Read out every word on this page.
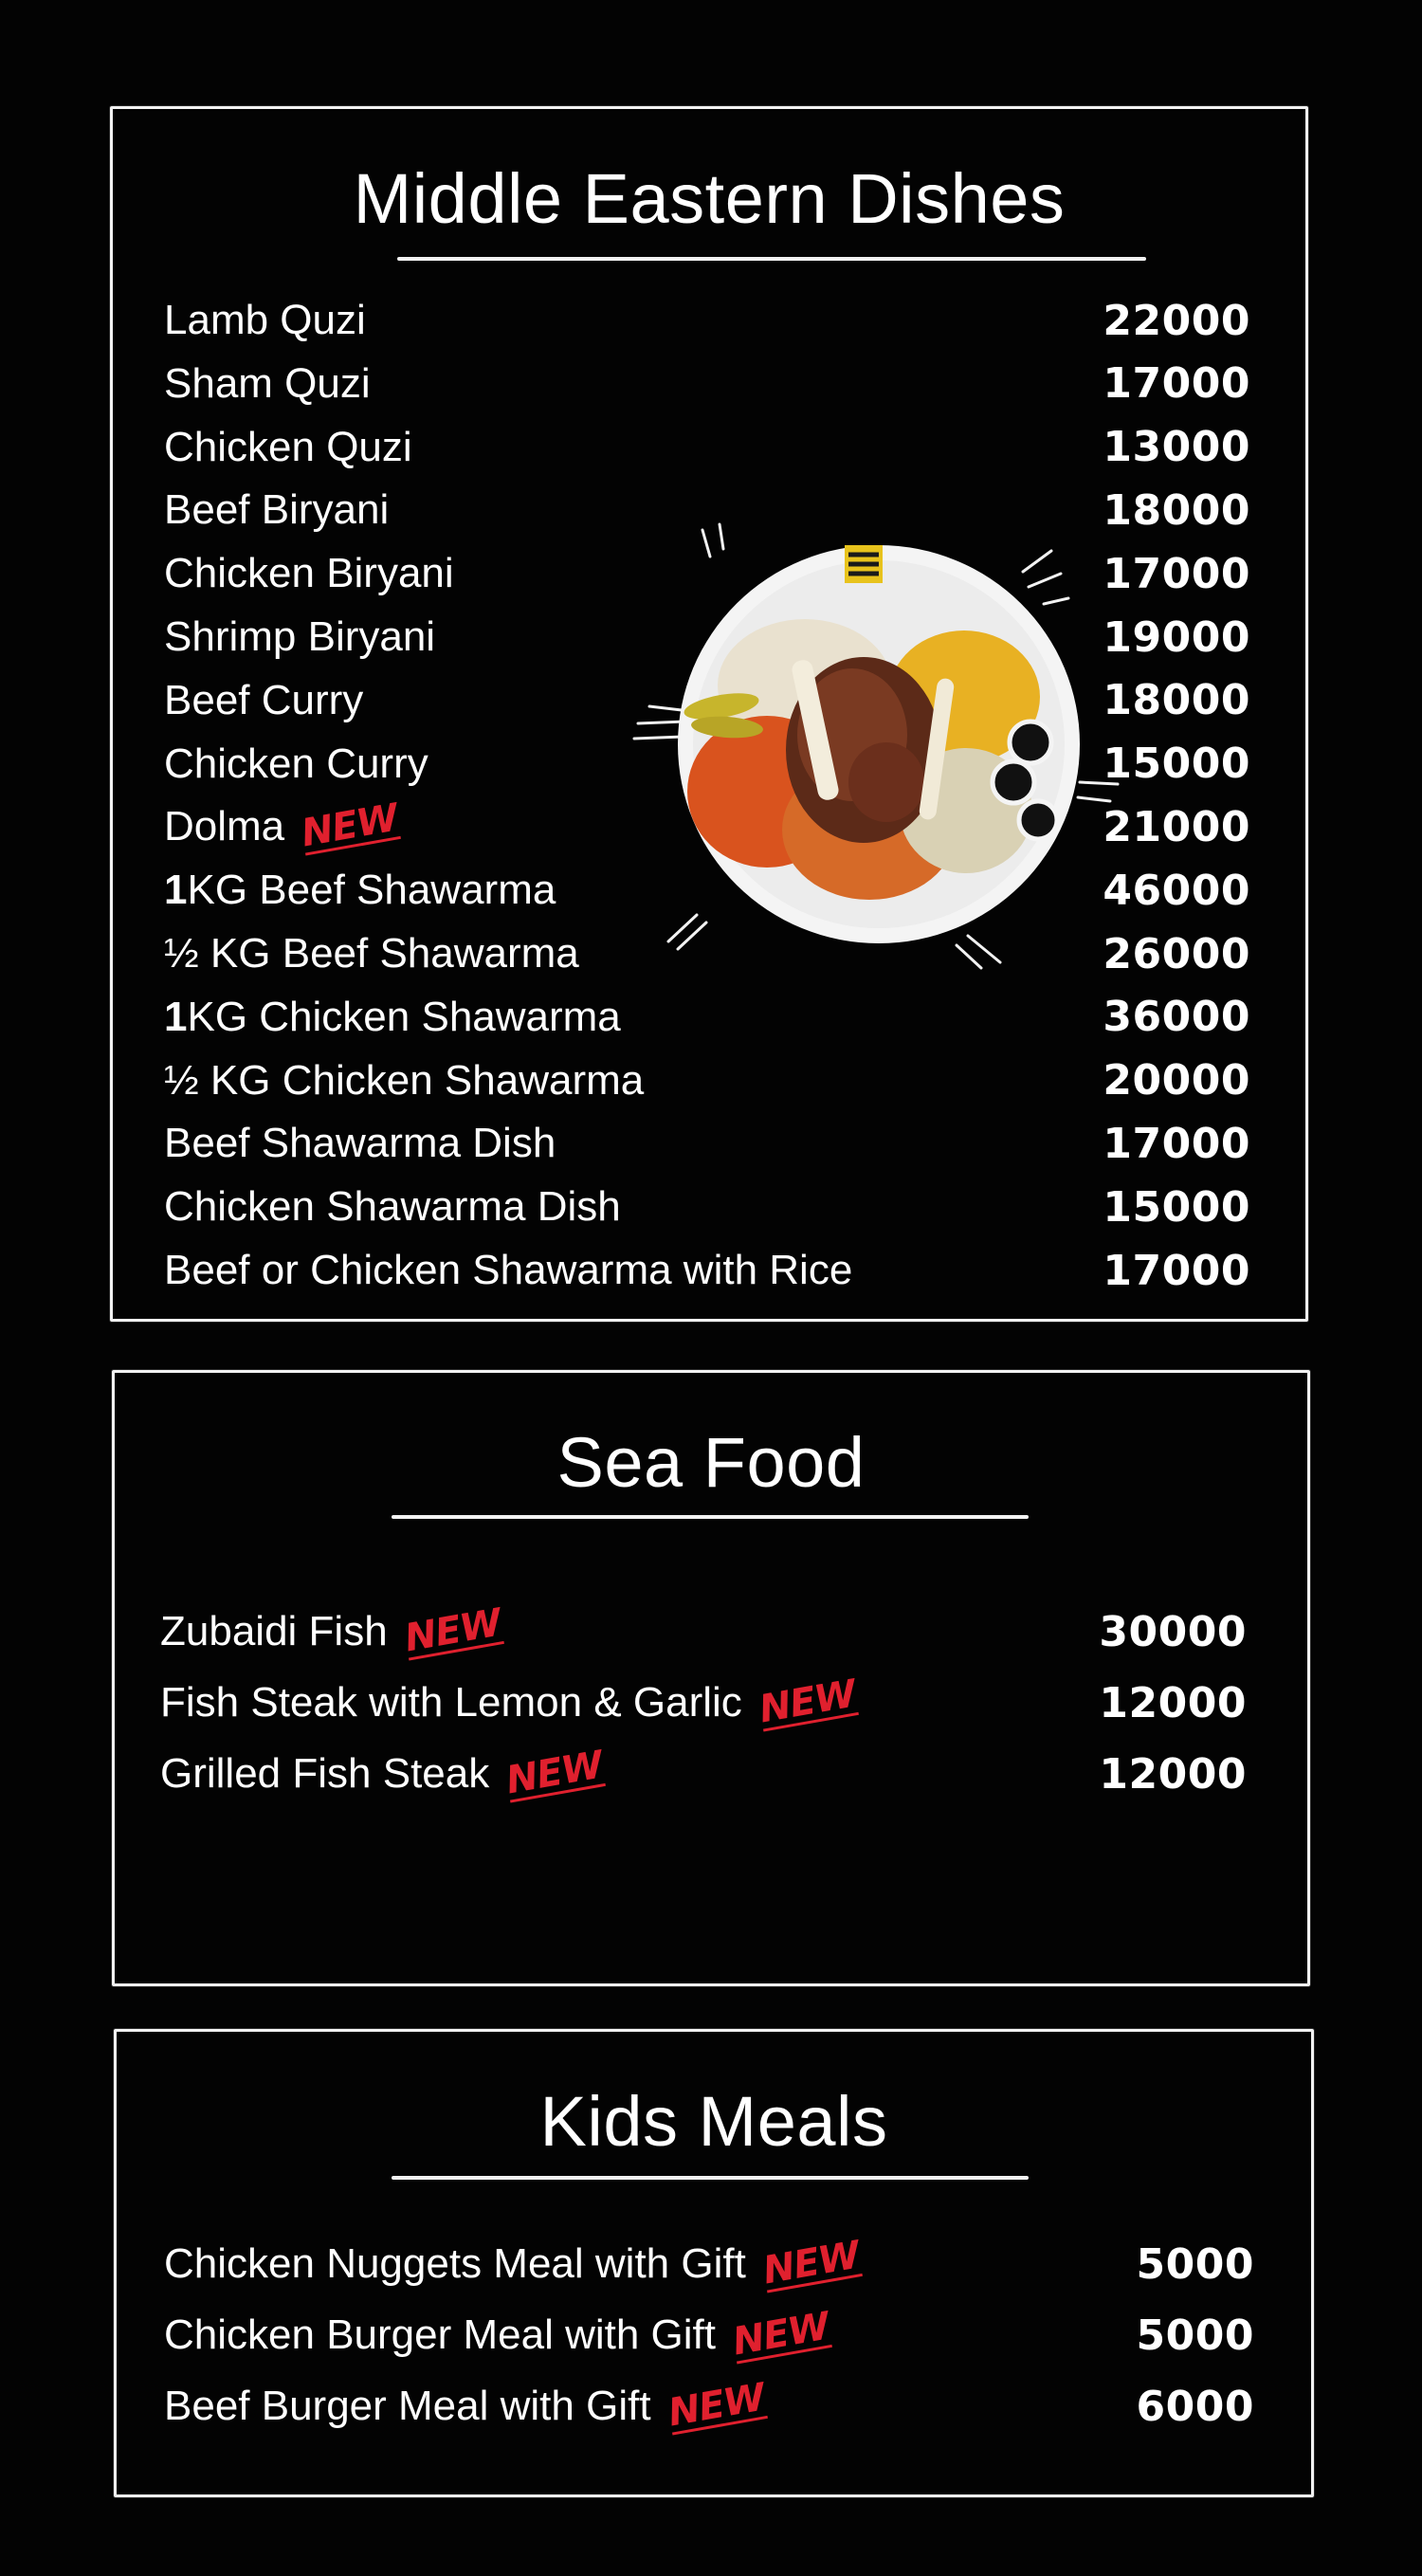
Middle Eastern Dishes
Lamb Quzi	22000
Sham Quzi	17000
Chicken Quzi	13000
Beef Biryani	18000
Chicken Biryani	17000
Shrimp Biryani	19000
Beef Curry	18000
Chicken Curry	15000
Dolma NEW	21000
1 KG Beef Shawarma	46000
½ KG Beef Shawarma	26000
1 KG Chicken Shawarma	36000
½ KG Chicken Shawarma	20000
Beef Shawarma Dish	17000
Chicken Shawarma Dish	15000
Beef or Chicken Shawarma with Rice	17000
Sea Food
Zubaidi Fish NEW	30000
Fish Steak with Lemon & Garlic NEW	12000
Grilled Fish Steak NEW	12000
Kids Meals
Chicken Nuggets Meal with Gift NEW	5000
Chicken Burger Meal with Gift NEW	5000
Beef Burger Meal with Gift NEW	6000
